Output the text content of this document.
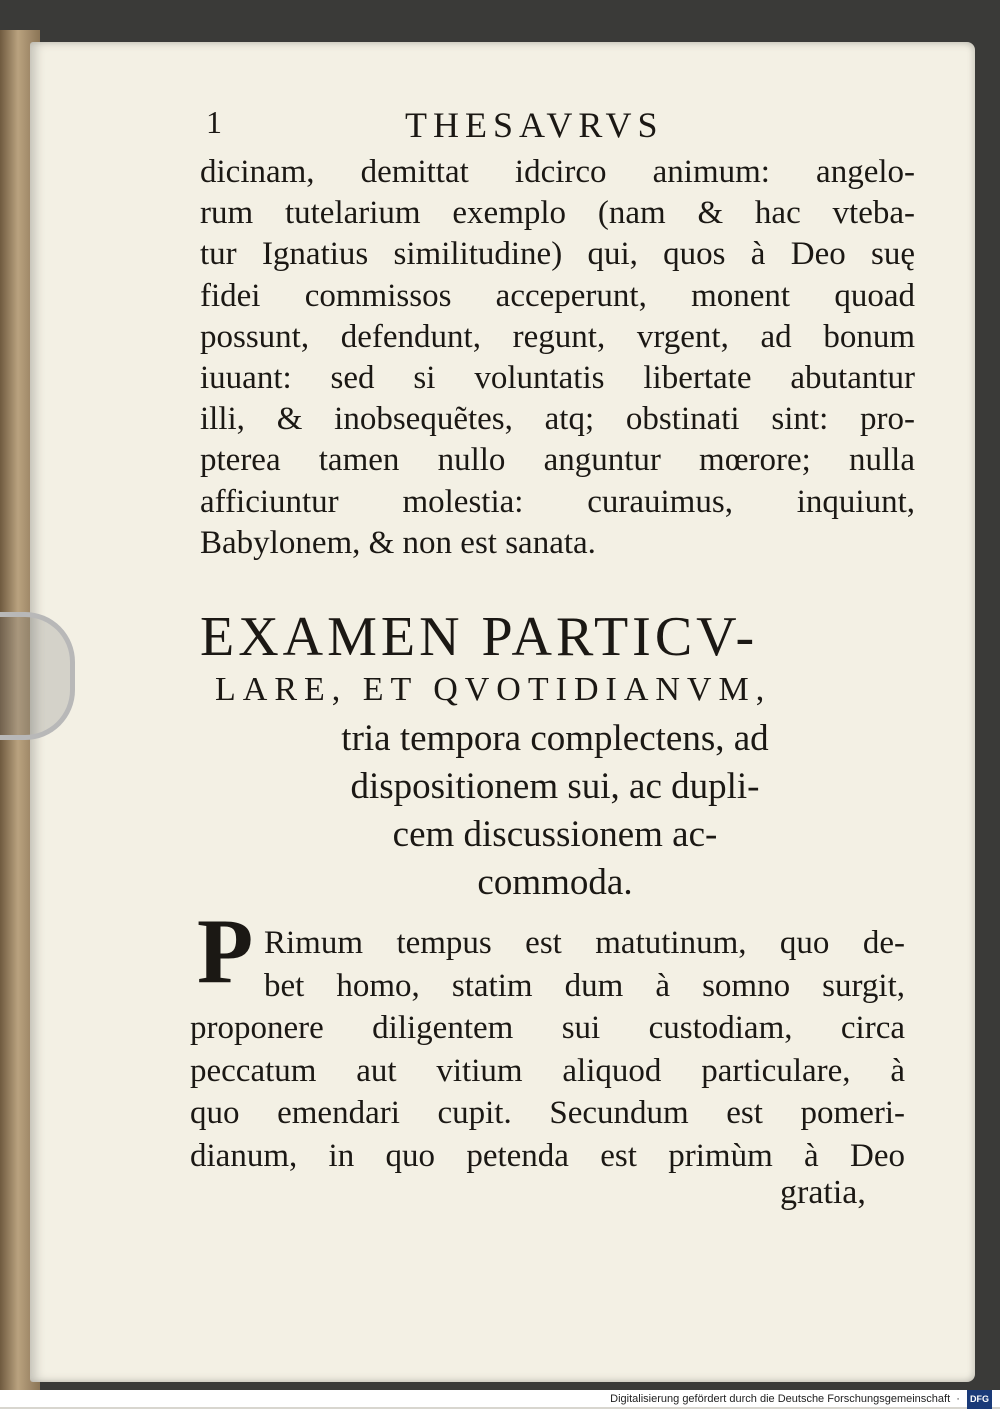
1	THESAVRVS
dicinam, demittat idcirco animum: angelo-
rum tutelarium exemplo (nam & hac vteba-
tur Ignatius similitudine) qui, quos à Deo suę
fidei commissos acceperunt, monent quoad
possunt, defendunt, regunt, vrgent, ad bonum
iuuant: sed si voluntatis libertate abutantur
illi, & inobsequẽtes, atq; obstinati sint: pro-
pterea tamen nullo anguntur mœrore; nulla
afficiuntur molestia: curauimus, inquiunt,
Babylonem, & non est sanata.
EXAMEN PARTICV-
LARE, ET QVOTIDIANVM,
tria tempora complectens, ad
dispositionem sui, ac dupli-
cem discussionem ac-
commoda.
P Rimum tempus est matutinum, quo de-
bet homo, statim dum à somno surgit,
proponere diligentem sui custodiam, circa
peccatum aut vitium aliquod particulare, à
quo emendari cupit. Secundum est pomeri-
dianum, in quo petenda est primùm à Deo
gratia,
Digitalisierung gefördert durch die Deutsche Forschungsgemeinschaft  · DFG
